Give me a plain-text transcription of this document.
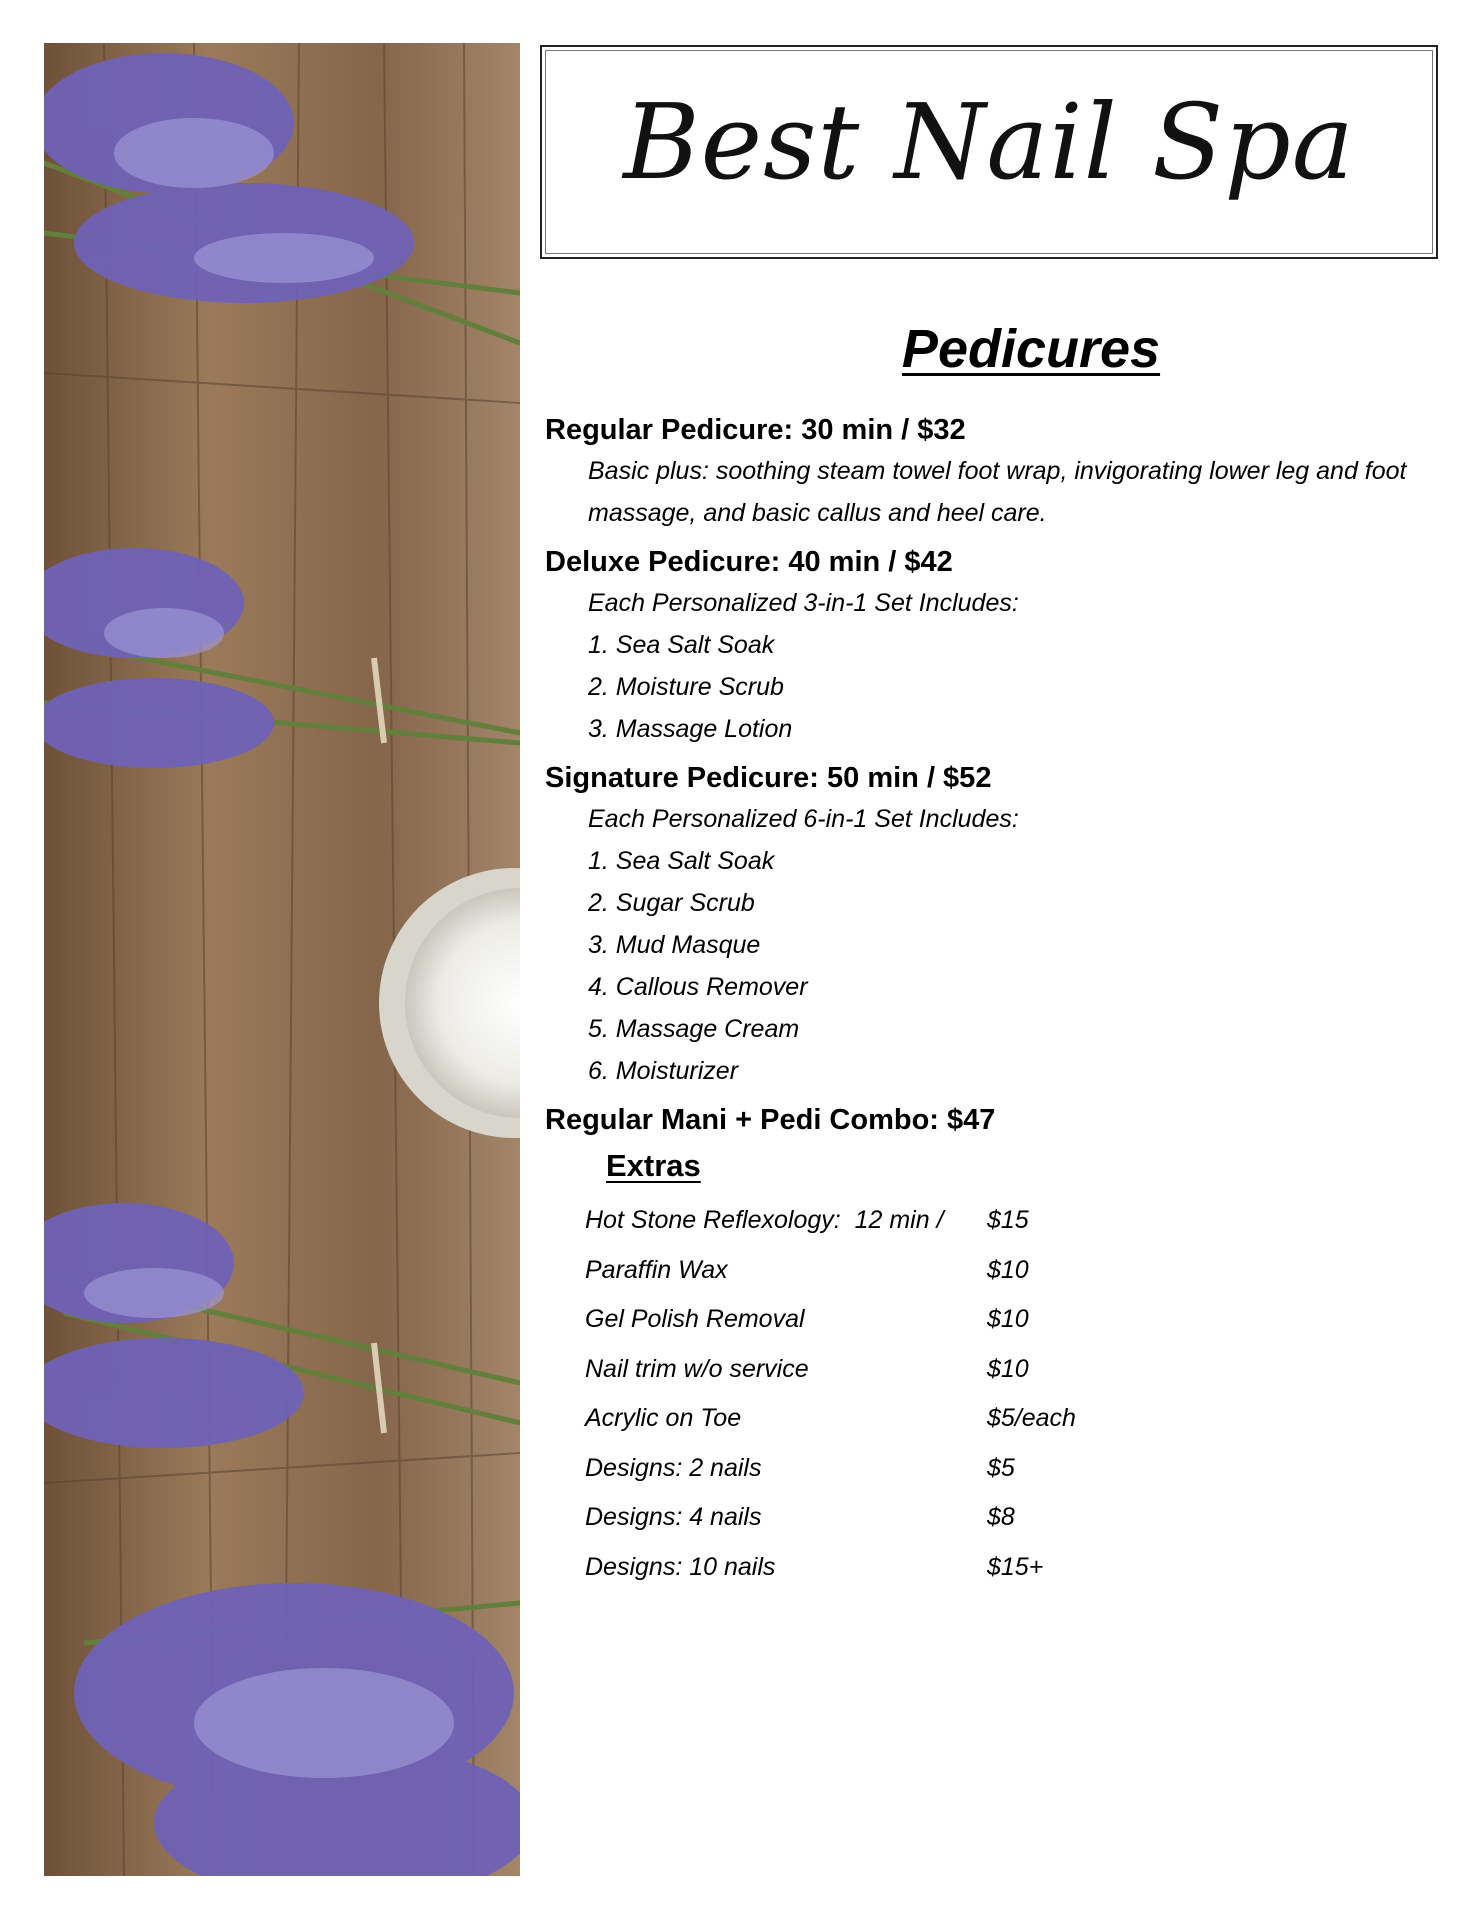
Best Nail Spa
Pedicures
Regular Pedicure: 30 min / $32
Basic plus: soothing steam towel foot wrap, invigorating lower leg and foot massage, and basic callus and heel care.
Deluxe Pedicure: 40 min / $42
Each Personalized 3-in-1 Set Includes:
1. Sea Salt Soak
2. Moisture Scrub
3. Massage Lotion
Signature Pedicure: 50 min / $52
Each Personalized 6-in-1 Set Includes:
1. Sea Salt Soak
2. Sugar Scrub
3. Mud Masque
4. Callous Remover
5. Massage Cream
6. Moisturizer
Regular Mani + Pedi Combo: $47
Extras
Hot Stone Reflexology:  12 min /	$15
Paraffin Wax	$10
Gel Polish Removal	$10
Nail trim w/o service	$10
Acrylic on Toe	$5/each
Designs: 2 nails	$5
Designs: 4 nails	$8
Designs: 10 nails	$15+
